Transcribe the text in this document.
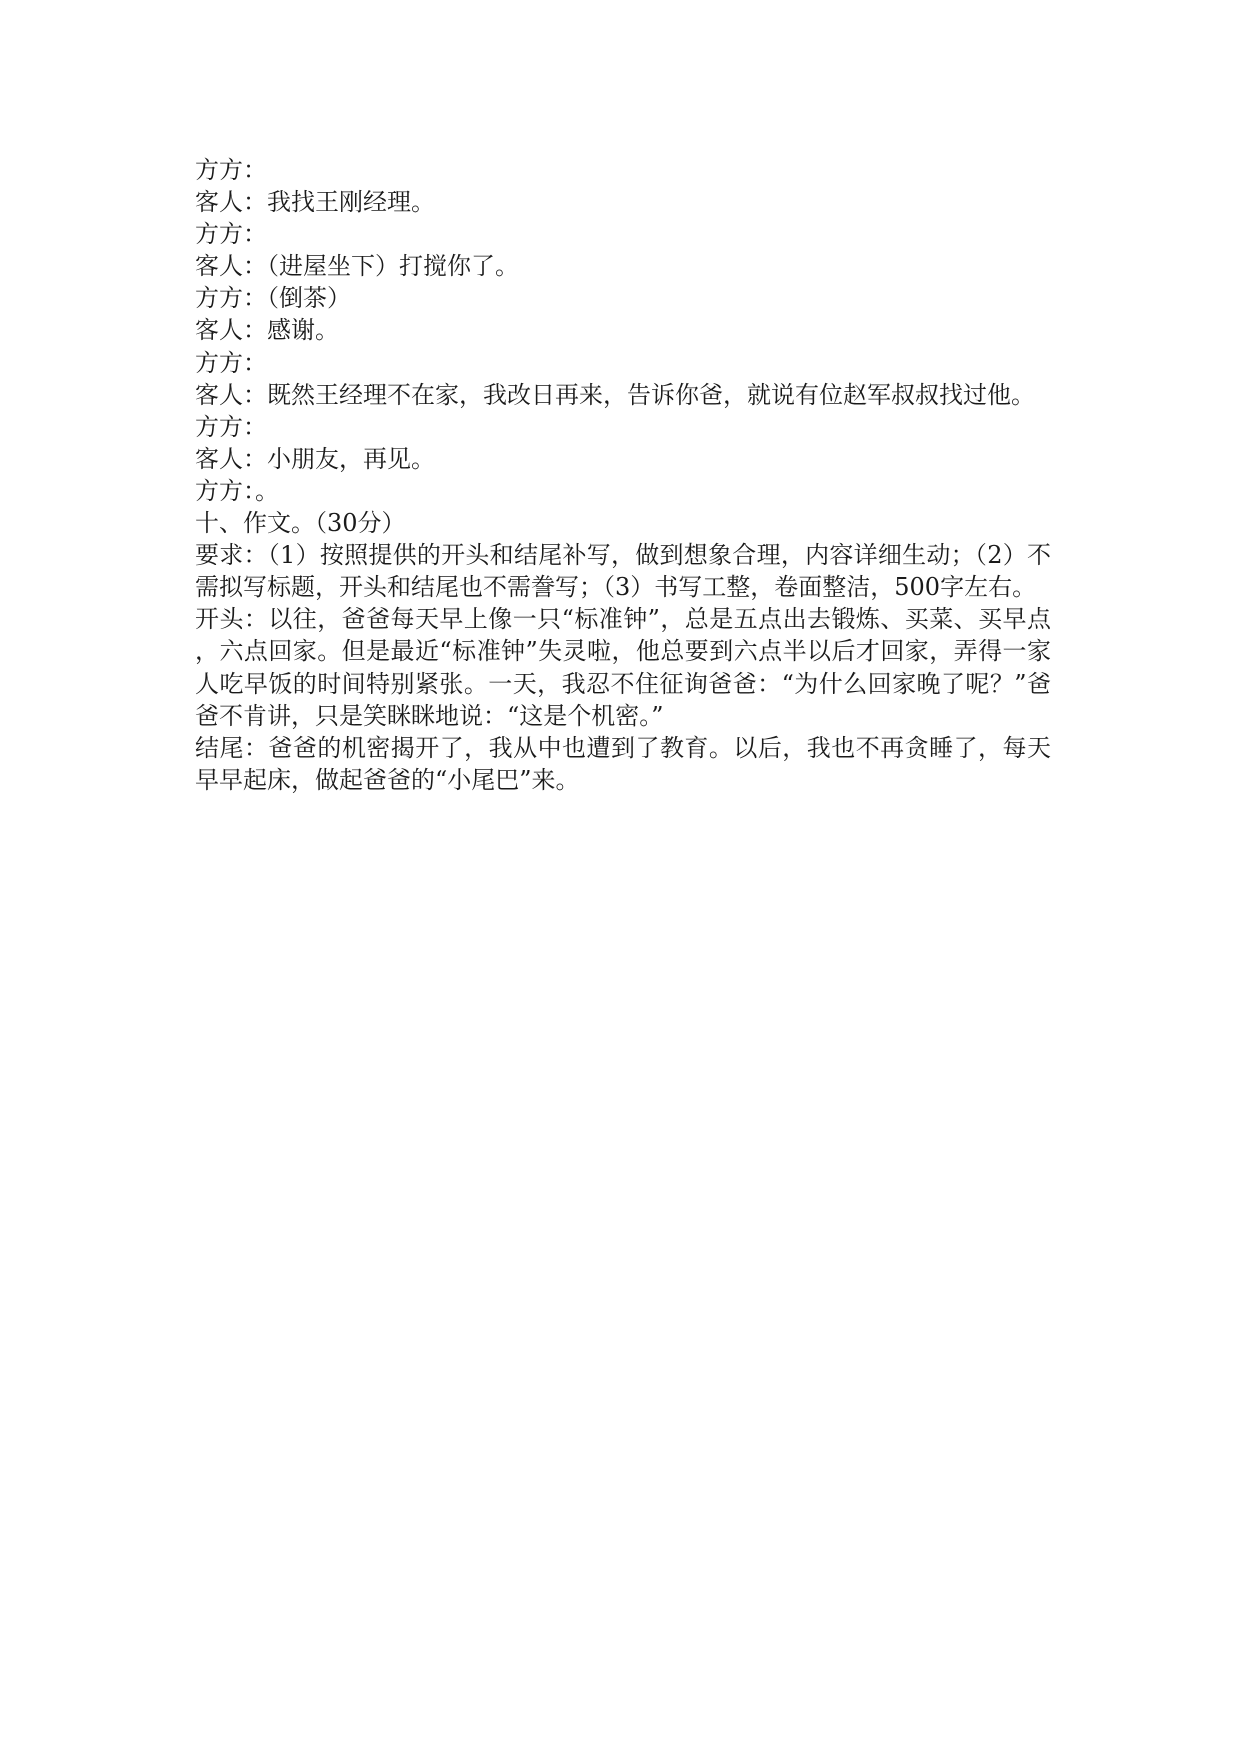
方方：

客人：我找王刚经理。

方方：

客人：（进屋坐下）打搅你了。

方方：（倒茶）

客人：感谢。

方方：

客人：既然王经理不在家，我改日再来，告诉你爸，就说有位赵军叔叔找过他。

方方：

客人：小朋友，再见。

方方：。

十、作文。（30分）

要求：（1）按照提供的开头和结尾补写，做到想象合理，内容详细生动；（2）不需拟写标题，开头和结尾也不需誊写；（3）书写工整，卷面整洁，500字左右。

开头：以往，爸爸每天早上像一只“标准钟”，总是五点出去锻炼、买菜、买早点，六点回家。但是最近“标准钟”失灵啦，他总要到六点半以后才回家，弄得一家人吃早饭的时间特别紧张。一天，我忍不住征询爸爸：“为什么回家晚了呢？”爸爸不肯讲，只是笑眯眯地说：“这是个机密。”

结尾：爸爸的机密揭开了，我从中也遭到了教育。以后，我也不再贪睡了，每天早早起床，做起爸爸的“小尾巴”来。
